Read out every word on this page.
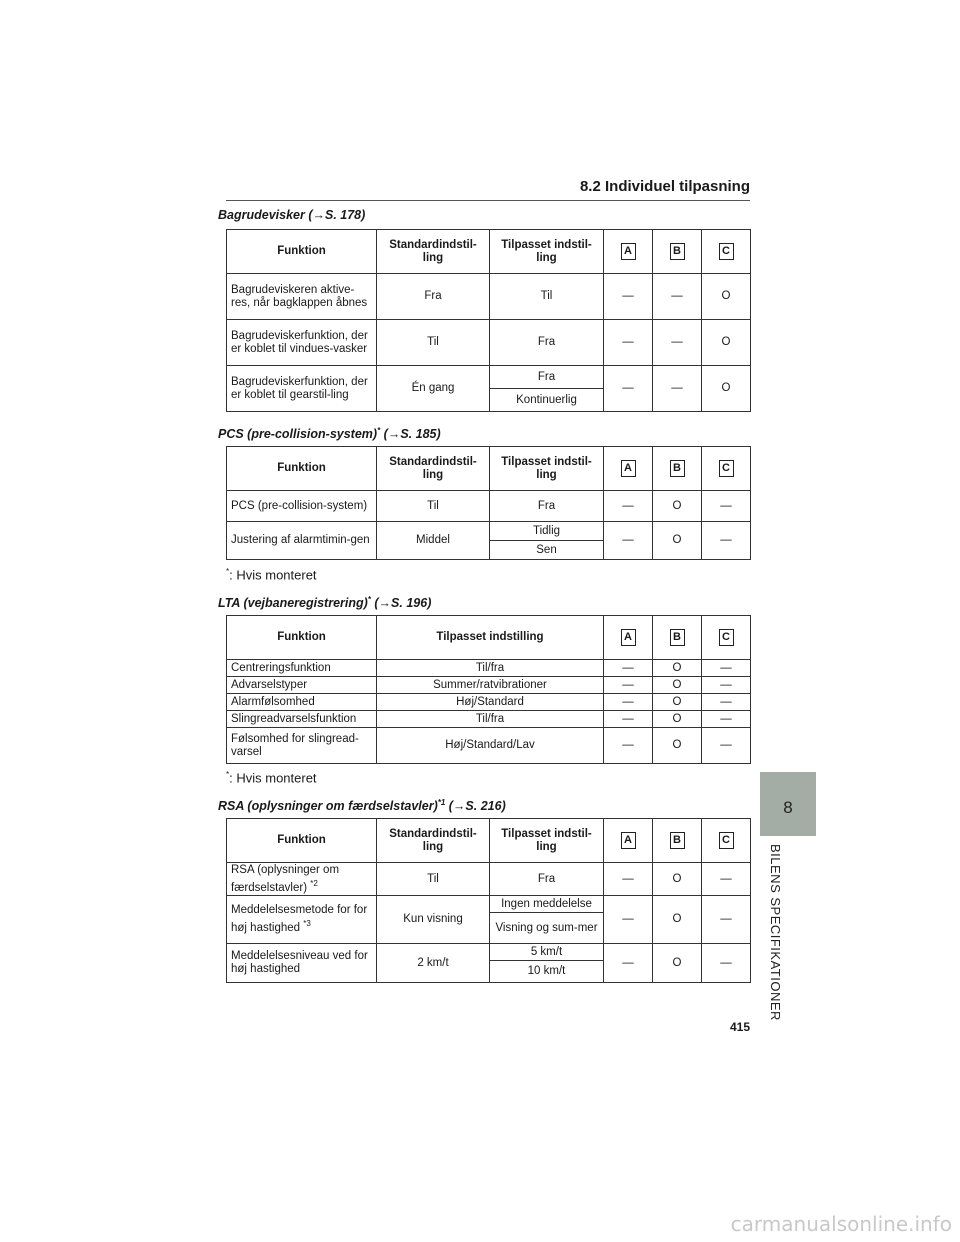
8.2 Individuel tilpasning
Bagrudevisker (→S. 178)
Funktion	Standardindstil-ling	Tilpasset indstil-ling	A	B	C
Bagrudeviskeren aktive-res, når bagklappen åbnes	Fra	Til	—	—	O
Bagrudeviskerfunktion, der er koblet til vindues-vasker	Til	Fra	—	—	O
Bagrudeviskerfunktion, der er koblet til gearstil-ling	Én gang	Fra	—	—	O
		Kontinuerlig			
PCS (pre-collision-system)* (→S. 185)
Funktion	Standardindstil-ling	Tilpasset indstil-ling	A	B	C
PCS (pre-collision-system)	Til	Fra	—	O	—
Justering af alarmtimin-gen	Middel	Tidlig	—	O	—
		Sen			
*: Hvis monteret
LTA (vejbaneregistrering)* (→S. 196)
Funktion	Tilpasset indstilling	A	B	C
Centreringsfunktion	Til/fra	—	O	—
Advarselstyper	Summer/ratvibrationer	—	O	—
Alarmfølsomhed	Høj/Standard	—	O	—
Slingreadvarselsfunktion	Til/fra	—	O	—
Følsomhed for slingread-varsel	Høj/Standard/Lav	—	O	—
*: Hvis monteret
RSA (oplysninger om færdselstavler)$^{*1}$ (→S. 216)
Funktion	Standardindstil-ling	Tilpasset indstil-ling	A	B	C
RSA (oplysninger om færdselstavler) $^{*2}$	Til	Fra	—	O	—
Meddelelsesmetode for for høj hastighed $^{*3}$	Kun visning	Ingen meddelelse	—	O	—
		Visning og sum-mer			
Meddelelsesniveau ved for høj hastighed	2 km/t	5 km/t	—	O	—
		10 km/t			
8
BILENS SPECIFIKATIONER
415
carmanualsonline.info
